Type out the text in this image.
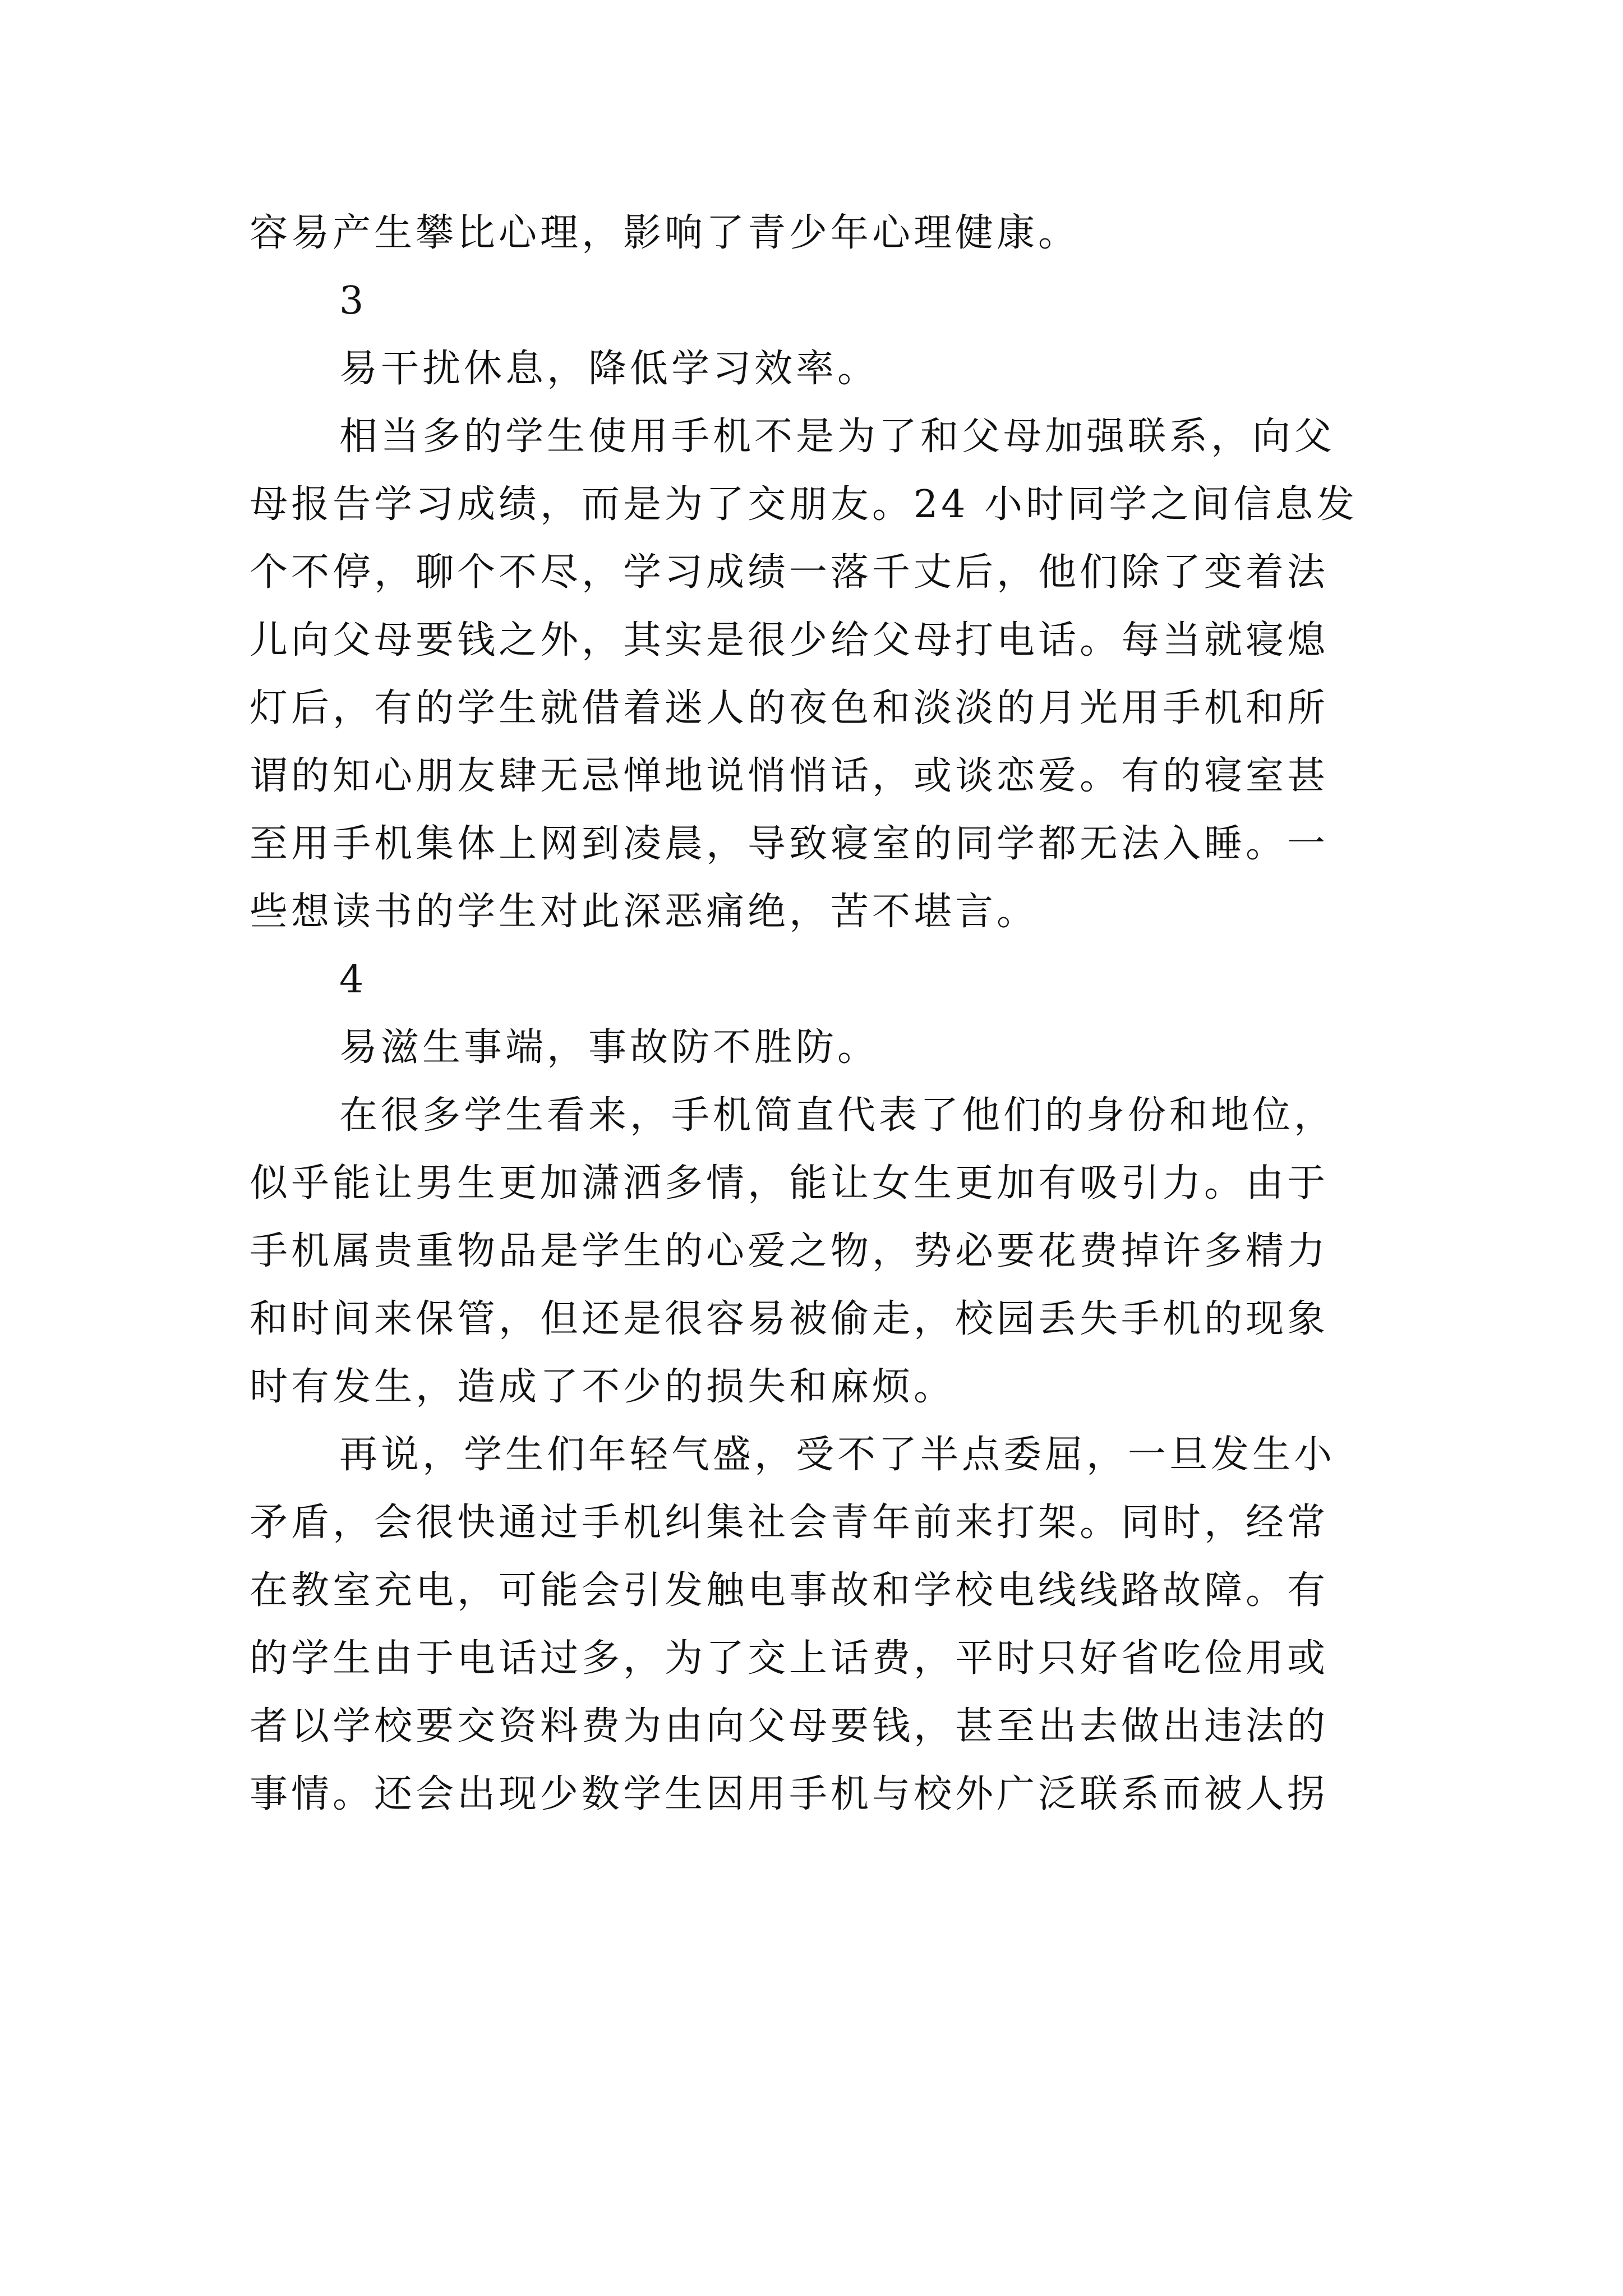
容易产生攀比心理，影响了青少年心理健康。
3
易干扰休息，降低学习效率。
相当多的学生使用手机不是为了和父母加强联系，向父
母报告学习成绩，而是为了交朋友。24 小时同学之间信息发
个不停，聊个不尽，学习成绩一落千丈后，他们除了变着法
儿向父母要钱之外，其实是很少给父母打电话。每当就寝熄
灯后，有的学生就借着迷人的夜色和淡淡的月光用手机和所
谓的知心朋友肆无忌惮地说悄悄话，或谈恋爱。有的寝室甚
至用手机集体上网到凌晨，导致寝室的同学都无法入睡。一
些想读书的学生对此深恶痛绝，苦不堪言。
4
易滋生事端，事故防不胜防。
在很多学生看来，手机简直代表了他们的身份和地位，
似乎能让男生更加潇洒多情，能让女生更加有吸引力。由于
手机属贵重物品是学生的心爱之物，势必要花费掉许多精力
和时间来保管，但还是很容易被偷走，校园丢失手机的现象
时有发生，造成了不少的损失和麻烦。
再说，学生们年轻气盛，受不了半点委屈，一旦发生小
矛盾，会很快通过手机纠集社会青年前来打架。同时，经常
在教室充电，可能会引发触电事故和学校电线线路故障。有
的学生由于电话过多，为了交上话费，平时只好省吃俭用或
者以学校要交资料费为由向父母要钱，甚至出去做出违法的
事情。还会出现少数学生因用手机与校外广泛联系而被人拐
